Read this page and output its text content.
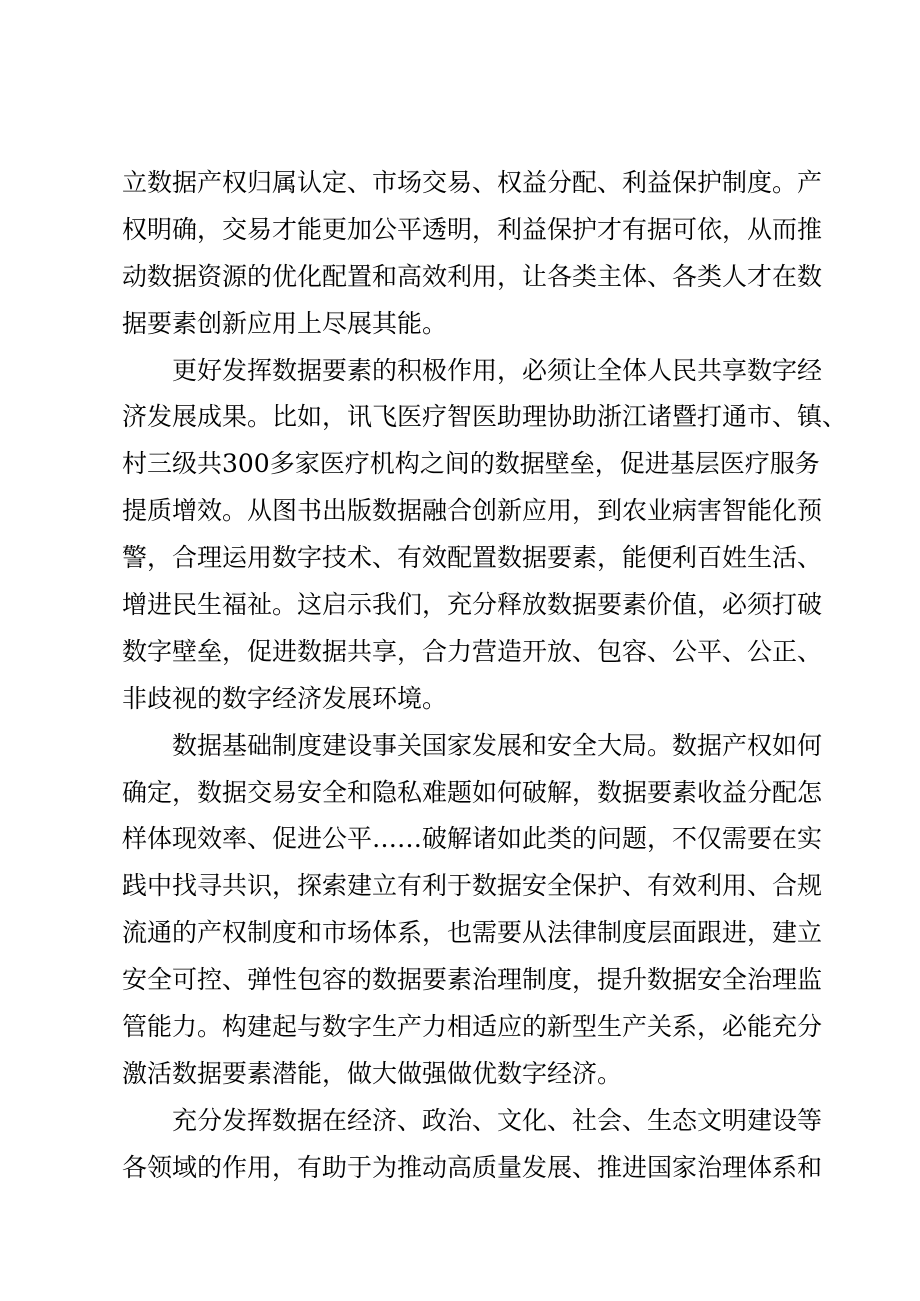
立数据产权归属认定、市场交易、权益分配、利益保护制度。产
权明确，交易才能更加公平透明，利益保护才有据可依，从而推
动数据资源的优化配置和高效利用，让各类主体、各类人才在数
据要素创新应用上尽展其能。
更好发挥数据要素的积极作用，必须让全体人民共享数字经
济发展成果。比如，讯飞医疗智医助理协助浙江诸暨打通市、镇、
村三级共300多家医疗机构之间的数据壁垒，促进基层医疗服务
提质增效。从图书出版数据融合创新应用，到农业病害智能化预
警，合理运用数字技术、有效配置数据要素，能便利百姓生活、
增进民生福祉。这启示我们，充分释放数据要素价值，必须打破
数字壁垒，促进数据共享，合力营造开放、包容、公平、公正、
非歧视的数字经济发展环境。
数据基础制度建设事关国家发展和安全大局。数据产权如何
确定，数据交易安全和隐私难题如何破解，数据要素收益分配怎
样体现效率、促进公平……破解诸如此类的问题，不仅需要在实
践中找寻共识，探索建立有利于数据安全保护、有效利用、合规
流通的产权制度和市场体系，也需要从法律制度层面跟进，建立
安全可控、弹性包容的数据要素治理制度，提升数据安全治理监
管能力。构建起与数字生产力相适应的新型生产关系，必能充分
激活数据要素潜能，做大做强做优数字经济。
充分发挥数据在经济、政治、文化、社会、生态文明建设等
各领域的作用，有助于为推动高质量发展、推进国家治理体系和
